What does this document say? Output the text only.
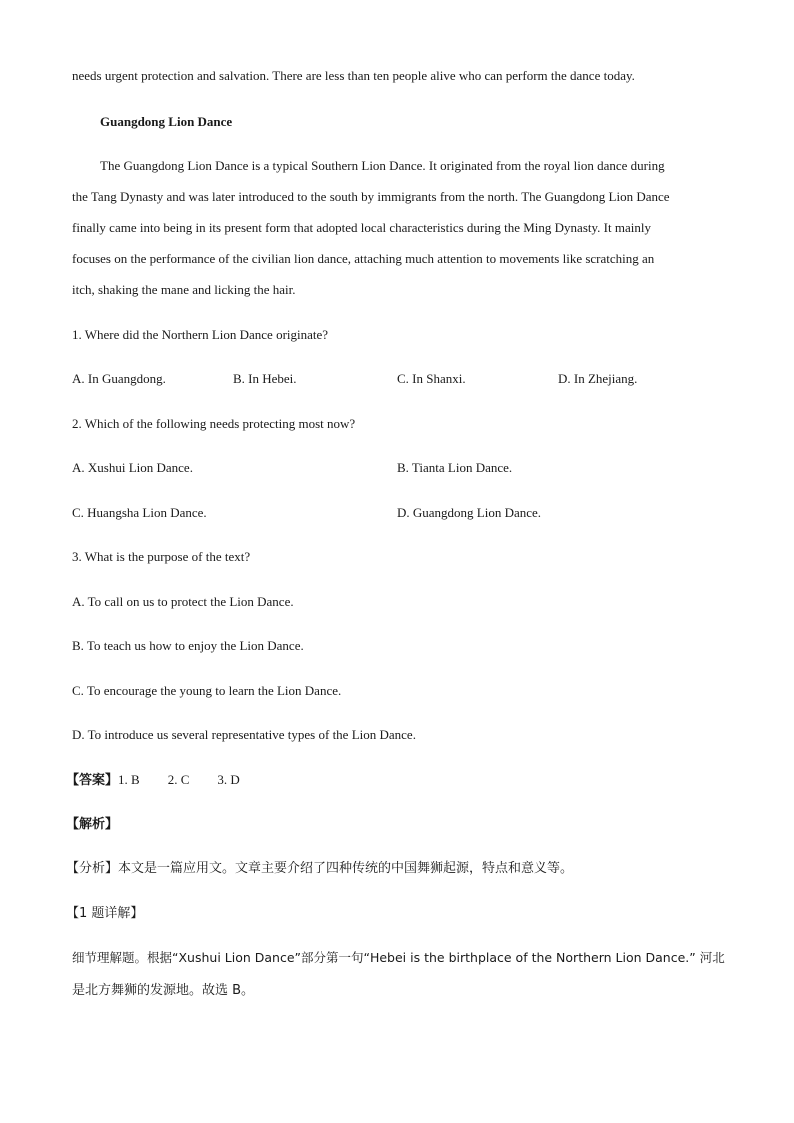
needs urgent protection and salvation. There are less than ten people alive who can perform the dance today.
Guangdong Lion Dance
The Guangdong Lion Dance is a typical Southern Lion Dance. It originated from the royal lion dance during
the Tang Dynasty and was later introduced to the south by immigrants from the north. The Guangdong Lion Dance
finally came into being in its present form that adopted local characteristics during the Ming Dynasty. It mainly
focuses on the performance of the civilian lion dance, attaching much attention to movements like scratching an
itch, shaking the mane and licking the hair.
1. Where did the Northern Lion Dance originate?
A. In Guangdong.	B. In Hebei.	C. In Shanxi.	D. In Zhejiang.
2. Which of the following needs protecting most now?
A. Xushui Lion Dance.	B. Tianta Lion Dance.
C. Huangsha Lion Dance.	D. Guangdong Lion Dance.
3. What is the purpose of the text?
A. To call on us to protect the Lion Dance.
B. To teach us how to enjoy the Lion Dance.
C. To encourage the young to learn the Lion Dance.
D. To introduce us several representative types of the Lion Dance.
【答案】1. B 2. C 3. D
【解析】
【分析】本文是一篇应用文。文章主要介绍了四种传统的中国舞狮起源，特点和意义等。
【1 题详解】
细节理解题。根据“Xushui Lion Dance”部分第一句“Hebei is the birthplace of the Northern Lion Dance.” 河北
是北方舞狮的发源地。故选 B。
